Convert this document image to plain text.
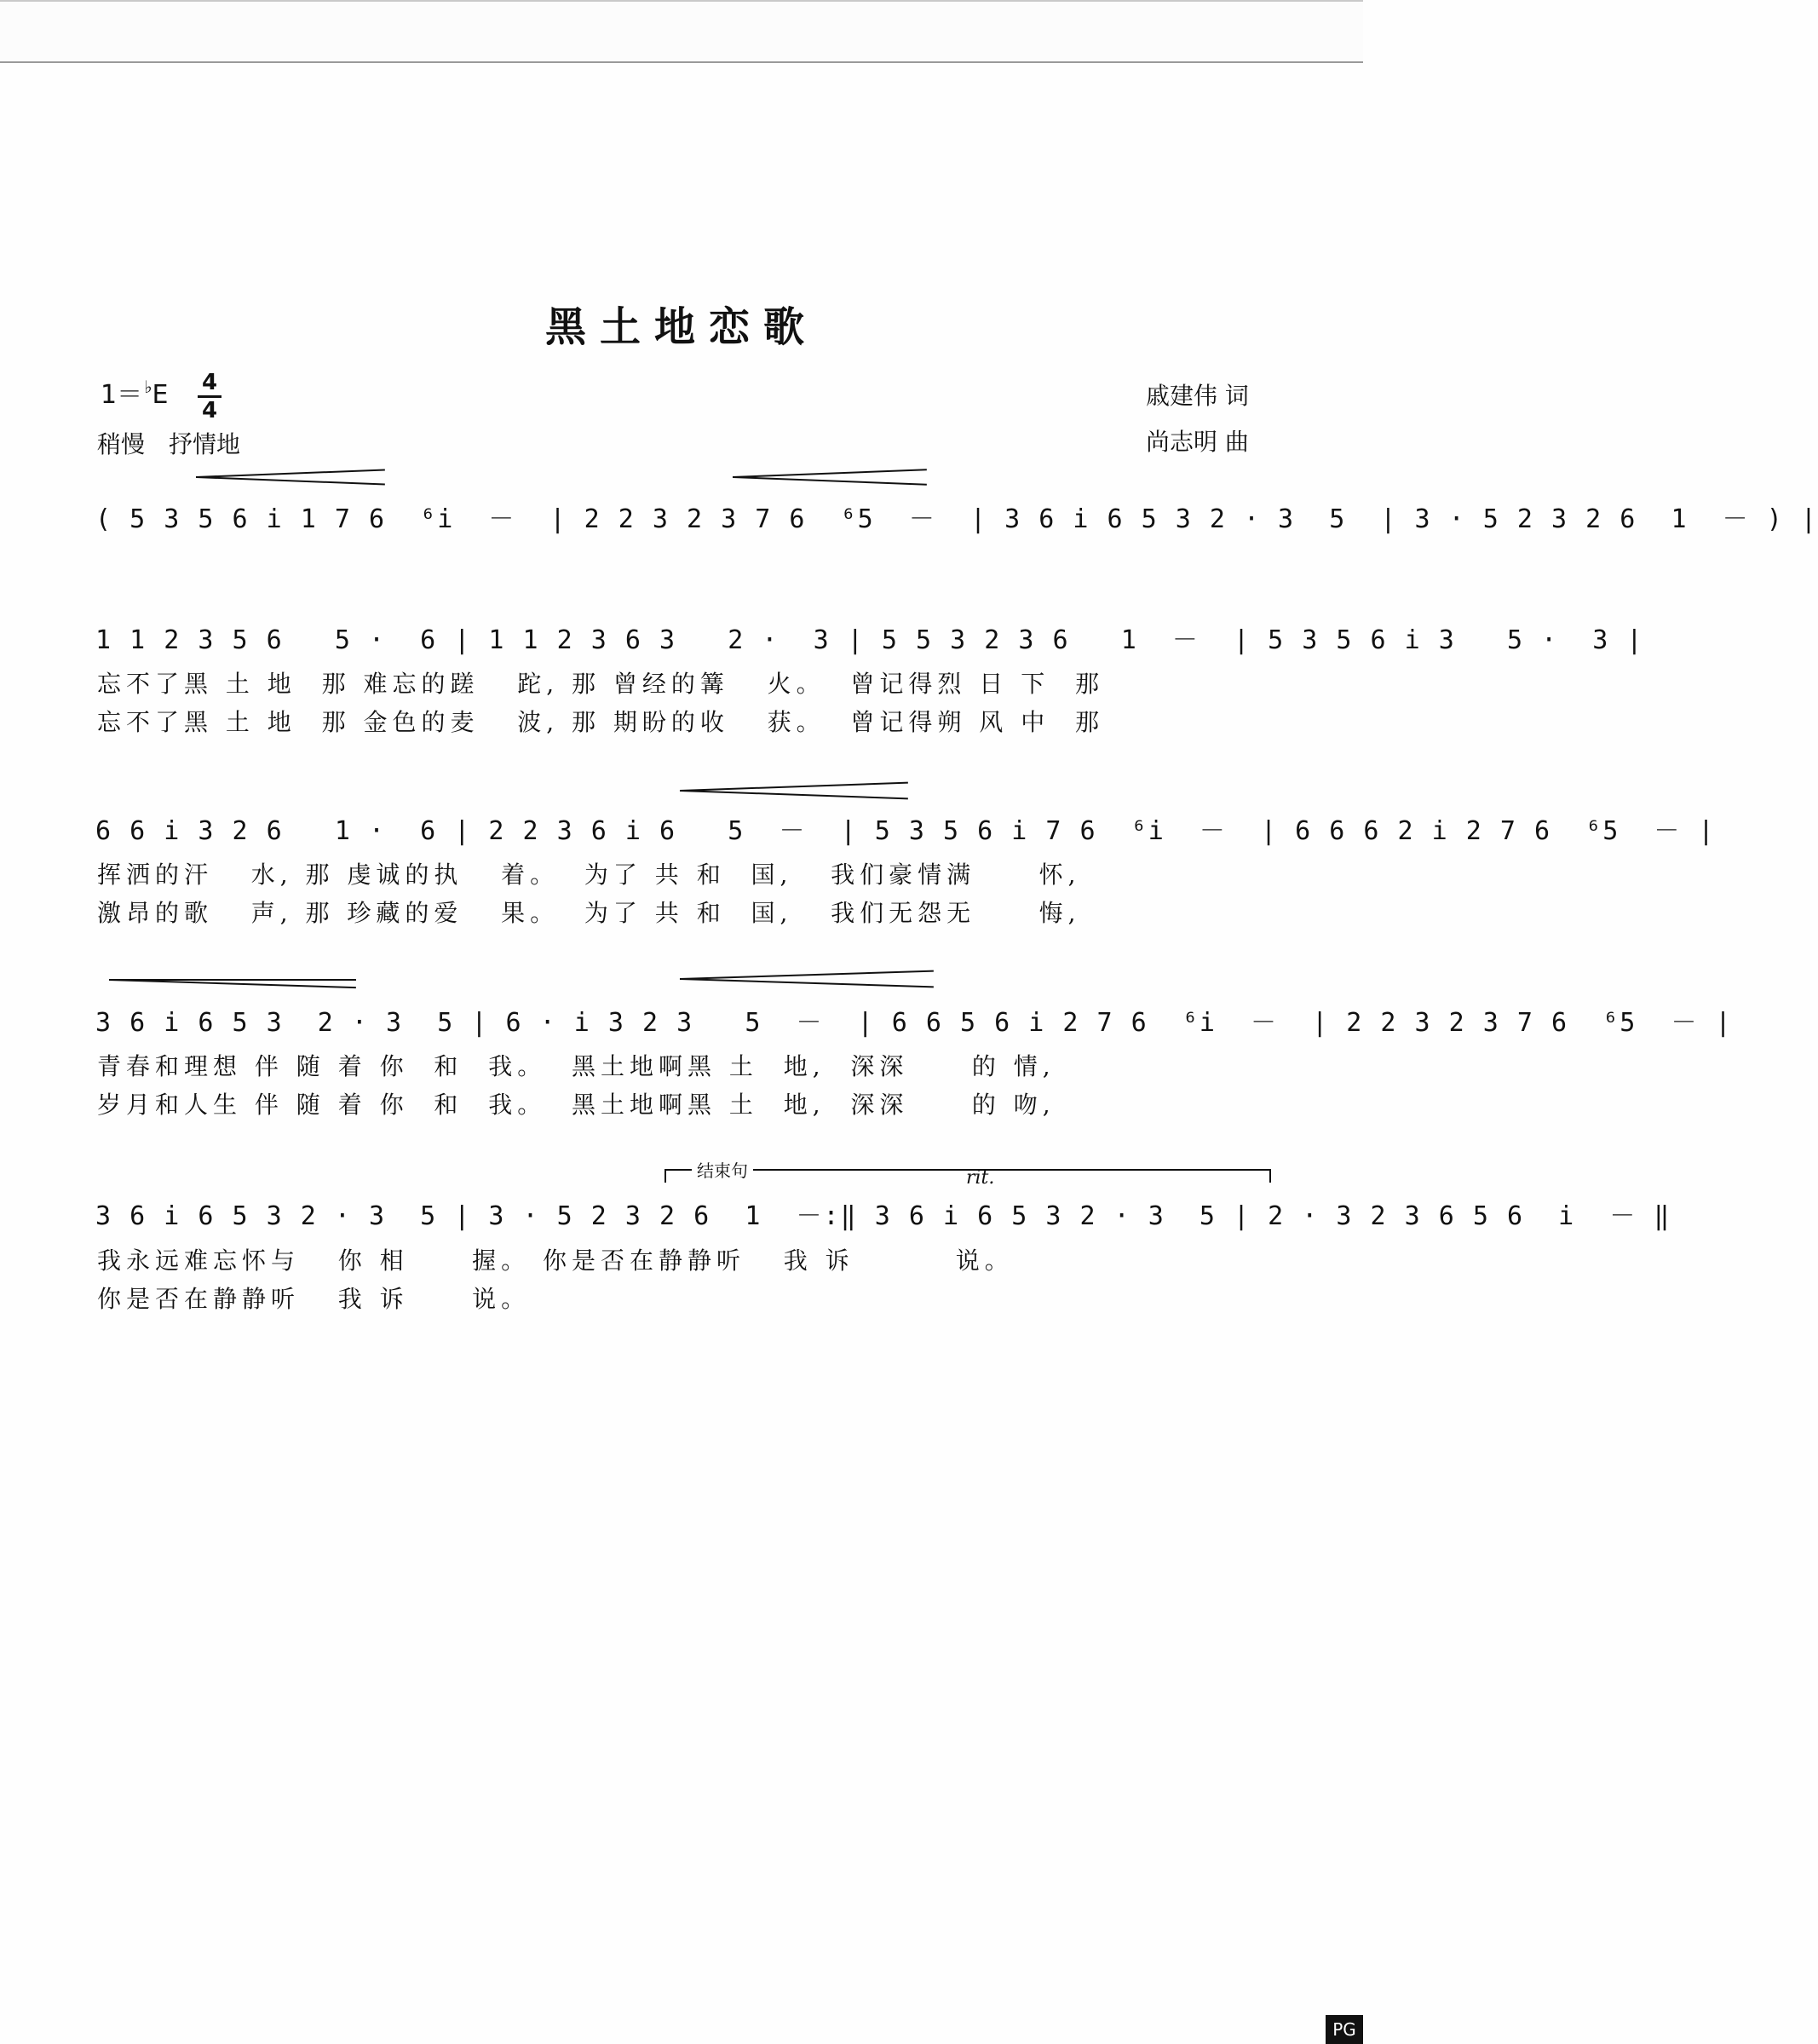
黑土地恋歌
1＝ ♭E 4
4
稍慢　抒情地
戚建伟 词
尚志明 曲
( 5 3 5 6 i 1 7 6  ⁶i  －  | 2 2 3 2 3 7 6  ⁶5  －  | 3 6 i 6 5 3 2 · 3  5  | 3 · 5 2 3 2 6  1  － ) |
1 1 2 3 5 6   5 ·  6 | 1 1 2 3 6 3   2 ·  3 | 5 5 3 2 3 6   1  －  | 5 3 5 6 i 3   5 ·  3 |
忘不了黑 土 地  那 难忘的蹉   跎, 那 曾经的篝   火。  曾记得烈 日 下  那
忘不了黑 土 地  那 金色的麦   波, 那 期盼的收   获。  曾记得朔 风 中  那
6 6 i 3 2 6   1 ·  6 | 2 2 3 6 i 6   5  －  | 5 3 5 6 i 7 6  ⁶i  －  | 6 6 6 2 i 2 7 6  ⁶5  － |
挥洒的汗   水, 那 虔诚的执   着。  为了 共 和  国,   我们豪情满     怀,
激昂的歌   声, 那 珍藏的爱   果。  为了 共 和  国,   我们无怨无     悔,
3 6 i 6 5 3  2 · 3  5 | 6 · i 3 2 3   5  －  | 6 6 5 6 i 2 7 6  ⁶i  －  | 2 2 3 2 3 7 6  ⁶5  － |
青春和理想 伴 随 着 你  和  我。  黑土地啊黑 土  地,  深深     的 情,
岁月和人生 伴 随 着 你  和  我。  黑土地啊黑 土  地,  深深     的 吻,
结束句	rit.
3 6 i 6 5 3 2 · 3  5 | 3 · 5 2 3 2 6  1  －:‖ 3 6 i 6 5 3 2 · 3  5 | 2 · 3 2 3 6 5 6  i  － ‖
我永远难忘怀与   你 相     握。 你是否在静静听   我 诉        说。
你是否在静静听   我 诉     说。
PG
